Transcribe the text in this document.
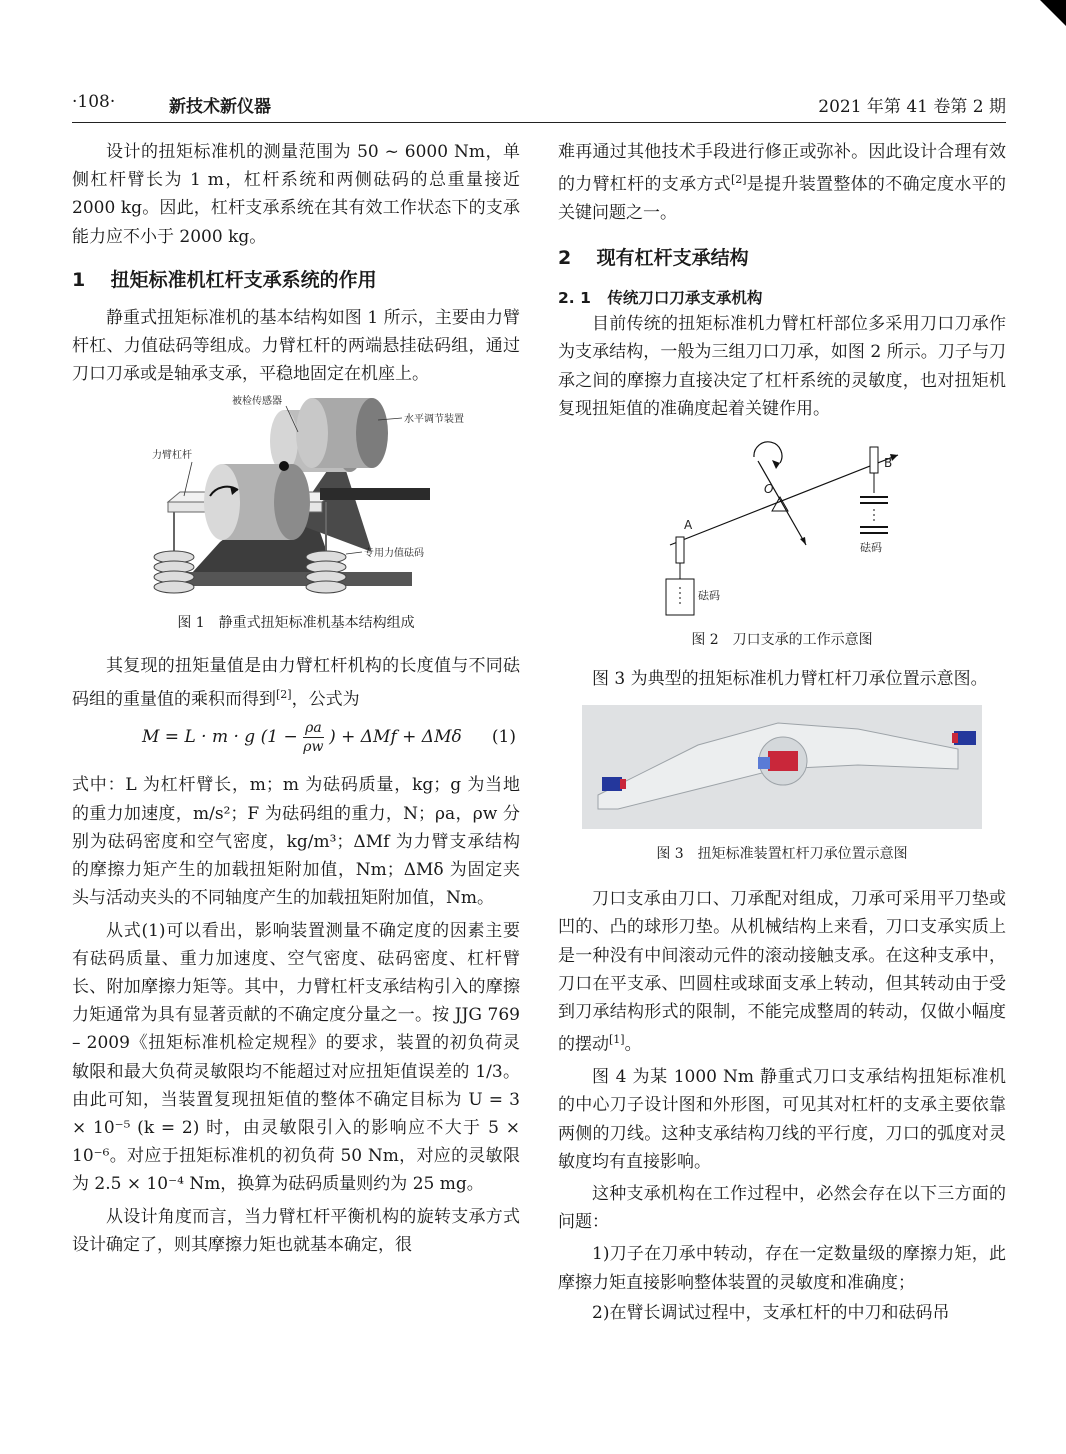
·108·	新技术新仪器	2021 年第 41 卷第 2 期

设计的扭矩标准机的测量范围为 50 ~ 6000 Nm，单侧杠杆臂长为 1 m，杠杆系统和两侧砝码的总重量接近 2000 kg。因此，杠杆支承系统在其有效工作状态下的支承能力应不小于 2000 kg。

1 扭矩标准机杠杆支承系统的作用

静重式扭矩标准机的基本结构如图 1 所示，主要由力臂杆杠、力值砝码等组成。力臂杠杆的两端悬挂砝码组，通过刀口刀承或是轴承支承，平稳地固定在机座上。

被检传感器
水平调节装置
力臂杠杆
专用力值砝码
图 1　静重式扭矩标准机基本结构组成

其复现的扭矩量值是由力臂杠杆机构的长度值与不同砝码组的重量值的乘积而得到[2]，公式为

M = L · m · g ($1 - \frac{\rho a}{\rho w}$ ) + ΔMf + ΔMδ (1)

式中：L 为杠杆臂长，m；m 为砝码质量，kg；g 为当地的重力加速度，m/s²；F 为砝码组的重力，N；ρa，ρw 分别为砝码密度和空气密度，kg/m³；ΔMf 为力臂支承结构的摩擦力矩产生的加载扭矩附加值，Nm；ΔMδ 为固定夹头与活动夹头的不同轴度产生的加载扭矩附加值，Nm。

从式(1)可以看出，影响装置测量不确定度的因素主要有砝码质量、重力加速度、空气密度、砝码密度、杠杆臂长、附加摩擦力矩等。其中，力臂杠杆支承结构引入的摩擦力矩通常为具有显著贡献的不确定度分量之一。按 JJG 769 – 2009《扭矩标准机检定规程》的要求，装置的初负荷灵敏限和最大负荷灵敏限均不能超过对应扭矩值误差的 1/3。由此可知，当装置复现扭矩值的整体不确定目标为 U = 3 × 10⁻⁵ (k = 2) 时，由灵敏限引入的影响应不大于 5 × 10⁻⁶。对应于扭矩标准机的初负荷 50 Nm，对应的灵敏限为 2.5 × 10⁻⁴ Nm，换算为砝码质量则约为 25 mg。

从设计角度而言，当力臂杠杆平衡机构的旋转支承方式设计确定了，则其摩擦力矩也就基本确定，很

难再通过其他技术手段进行修正或弥补。因此设计合理有效的力臂杠杆的支承方式[2]是提升装置整体的不确定度水平的关键问题之一。

2 现有杠杆支承结构
2. 1 传统刀口刀承支承机构

目前传统的扭矩标准机力臂杠杆部位多采用刀口刀承作为支承结构，一般为三组刀口刀承，如图 2 所示。刀子与刀承之间的摩擦力直接决定了杠杆系统的灵敏度，也对扭矩机复现扭矩值的准确度起着关键作用。

O
A
砝码
B
砝码
图 2　刀口支承的工作示意图

图 3 为典型的扭矩标准机力臂杠杆刀承位置示意图。

图 3　扭矩标准装置杠杆刀承位置示意图

刀口支承由刀口、刀承配对组成，刀承可采用平刀垫或凹的、凸的球形刀垫。从机械结构上来看，刀口支承实质上是一种没有中间滚动元件的滚动接触支承。在这种支承中，刀口在平支承、凹圆柱或球面支承上转动，但其转动由于受到刀承结构形式的限制，不能完成整周的转动，仅做小幅度的摆动[1]。

图 4 为某 1000 Nm 静重式刀口支承结构扭矩标准机的中心刀子设计图和外形图，可见其对杠杆的支承主要依靠两侧的刀线。这种支承结构刀线的平行度，刀口的弧度对灵敏度均有直接影响。

这种支承机构在工作过程中，必然会存在以下三方面的问题：

1)刀子在刀承中转动，存在一定数量级的摩擦力矩，此摩擦力矩直接影响整体装置的灵敏度和准确度；

2)在臂长调试过程中，支承杠杆的中刀和砝码吊
